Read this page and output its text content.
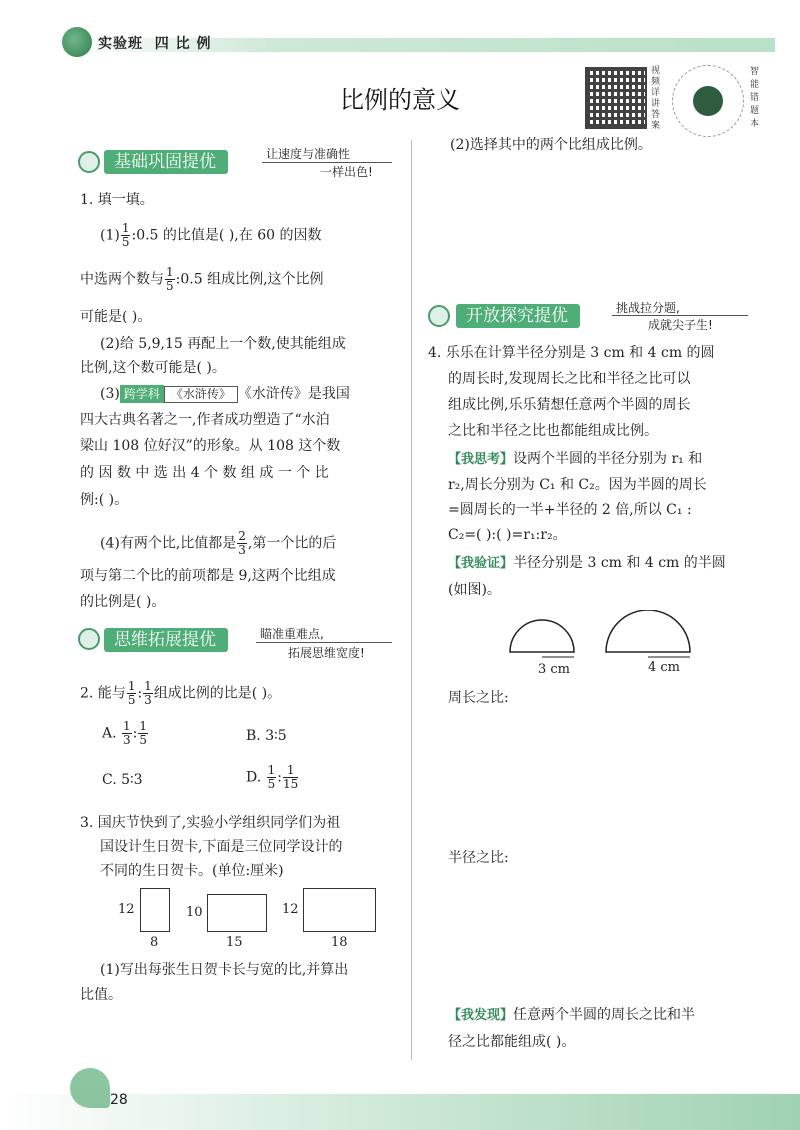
实验班 四 比 例
比例的意义
视频详讲答案
智能错题本
基础巩固提优	让速度与准确性
一样出色!
1. 填一填。
$(1) \frac{1}{5}$ :0.5 的比值是( ),在 60 的因数
中选两个数与 $\frac{1}{5}$ :0.5 组成比例,这个比例
可能是( )。
(2)给 5,9,15 再配上一个数,使其能组成
比例,这个数可能是( )。
(3) 跨学科 《水浒传》 《水浒传》是我国
四大古典名著之一,作者成功塑造了“水泊
梁山 108 位好汉”的形象。从 108 这个数
的 因 数 中 选 出 4 个 数 组 成 一 个 比
例:( )。
(4)有两个比,比值都是 $\frac{2}{3}$ ,第一个比的后
项与第二个比的前项都是 9,这两个比组成
的比例是( )。
思维拓展提优	瞄准重难点,
拓展思维宽度!
2. 能与 $\frac{1}{5}$ : $\frac{1}{3}$ 组成比例的比是( )。
A. $\frac{1}{3}$ : $\frac{1}{5}$	B. 3∶5
C. 5∶3	D. $\frac{1}{5}$ : $\frac{1}{15}$
3. 国庆节快到了,实验小学组织同学们为祖
国设计生日贺卡,下面是三位同学设计的
不同的生日贺卡。(单位:厘米)
12
8
10
15
12
18
(1)写出每张生日贺卡长与宽的比,并算出
比值。
(2)选择其中的两个比组成比例。
开放探究提优	挑战拉分题,
成就尖子生!
4. 乐乐在计算半径分别是 3 cm 和 4 cm 的圆
的周长时,发现周长之比和半径之比可以
组成比例,乐乐猜想任意两个半圆的周长
之比和半径之比也都能组成比例。
【我思考】设两个半圆的半径分别为 r₁ 和
r₂,周长分别为 C₁ 和 C₂。因为半圆的周长
=圆周长的一半+半径的 2 倍,所以 C₁ :
C₂=( ):( )=r₁:r₂。
【我验证】半径分别是 3 cm 和 4 cm 的半圆
(如图)。
3 cm	4 cm
周长之比:
半径之比:
【我发现】任意两个半圆的周长之比和半
径之比都能组成( )。
28
